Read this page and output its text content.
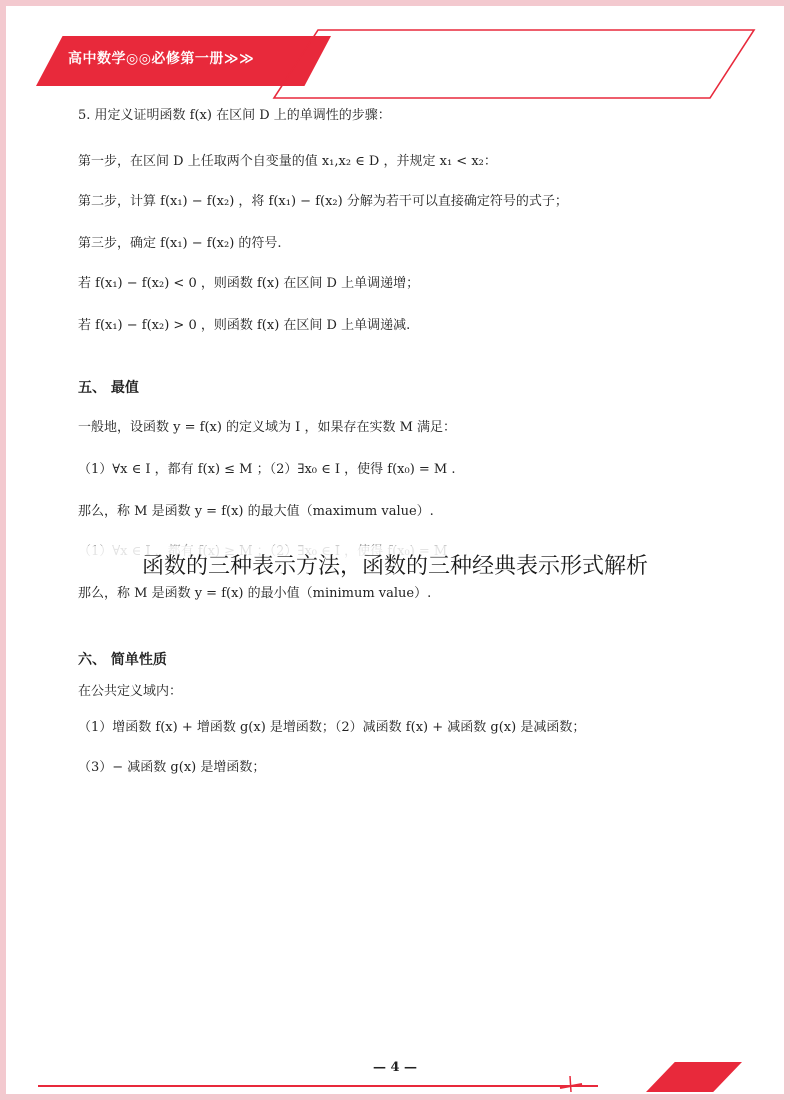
高中数学◎◎必修第一册≫≫
5. 用定义证明函数 f(x) 在区间 D 上的单调性的步骤：
第一步，在区间 D 上任取两个自变量的值 x₁,x₂ ∈ D ，并规定 x₁ < x₂：
第二步，计算 f(x₁) − f(x₂) ，将 f(x₁) − f(x₂) 分解为若干可以直接确定符号的式子；
第三步，确定 f(x₁) − f(x₂) 的符号.
若 f(x₁) − f(x₂) < 0 ，则函数 f(x) 在区间 D 上单调递增；
若 f(x₁) − f(x₂) > 0 ，则函数 f(x) 在区间 D 上单调递减.
五、 最值
一般地，设函数 y = f(x) 的定义域为 I ，如果存在实数 M 满足：
（1）∀x ∈ I ，都有 f(x) ≤ M ；（2）∃x₀ ∈ I ，使得 f(x₀) = M .
那么，称 M 是函数 y = f(x) 的最大值（maximum value）.
那么，称 M 是函数 y = f(x) 的最小值（minimum value）.
六、 简单性质
在公共定义域内：
（1）增函数 f(x) + 增函数 g(x) 是增函数；（2）减函数 f(x) + 减函数 g(x) 是减函数；
（3）− 减函数 g(x) 是增函数；
函数的三种表示方法，函数的三种经典表示形式解析
— 4 —
